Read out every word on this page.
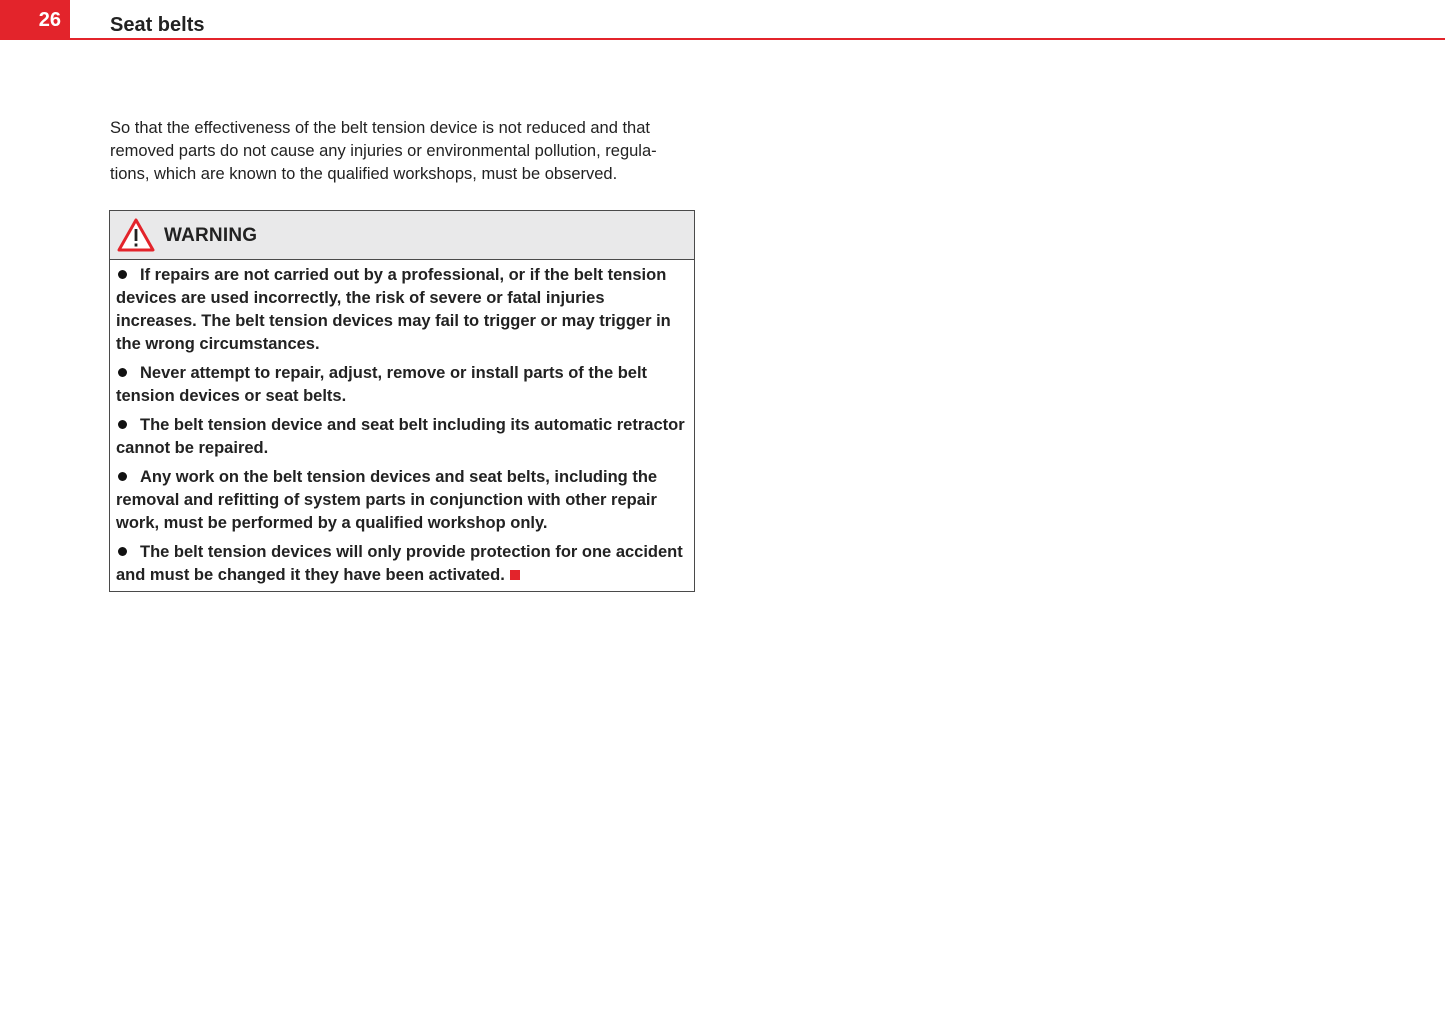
26	Seat belts

So that the effectiveness of the belt tension device is not reduced and that removed parts do not cause any injuries or environmental pollution, regula-tions, which are known to the qualified workshops, must be observed.

WARNING
If repairs are not carried out by a professional, or if the belt tension devices are used incorrectly, the risk of severe or fatal injuries increases. The belt tension devices may fail to trigger or may trigger in the wrong circumstances.
Never attempt to repair, adjust, remove or install parts of the belt tension devices or seat belts.
The belt tension device and seat belt including its automatic retractor cannot be repaired.
Any work on the belt tension devices and seat belts, including the removal and refitting of system parts in conjunction with other repair work, must be performed by a qualified workshop only.
The belt tension devices will only provide protection for one accident and must be changed it they have been activated.
